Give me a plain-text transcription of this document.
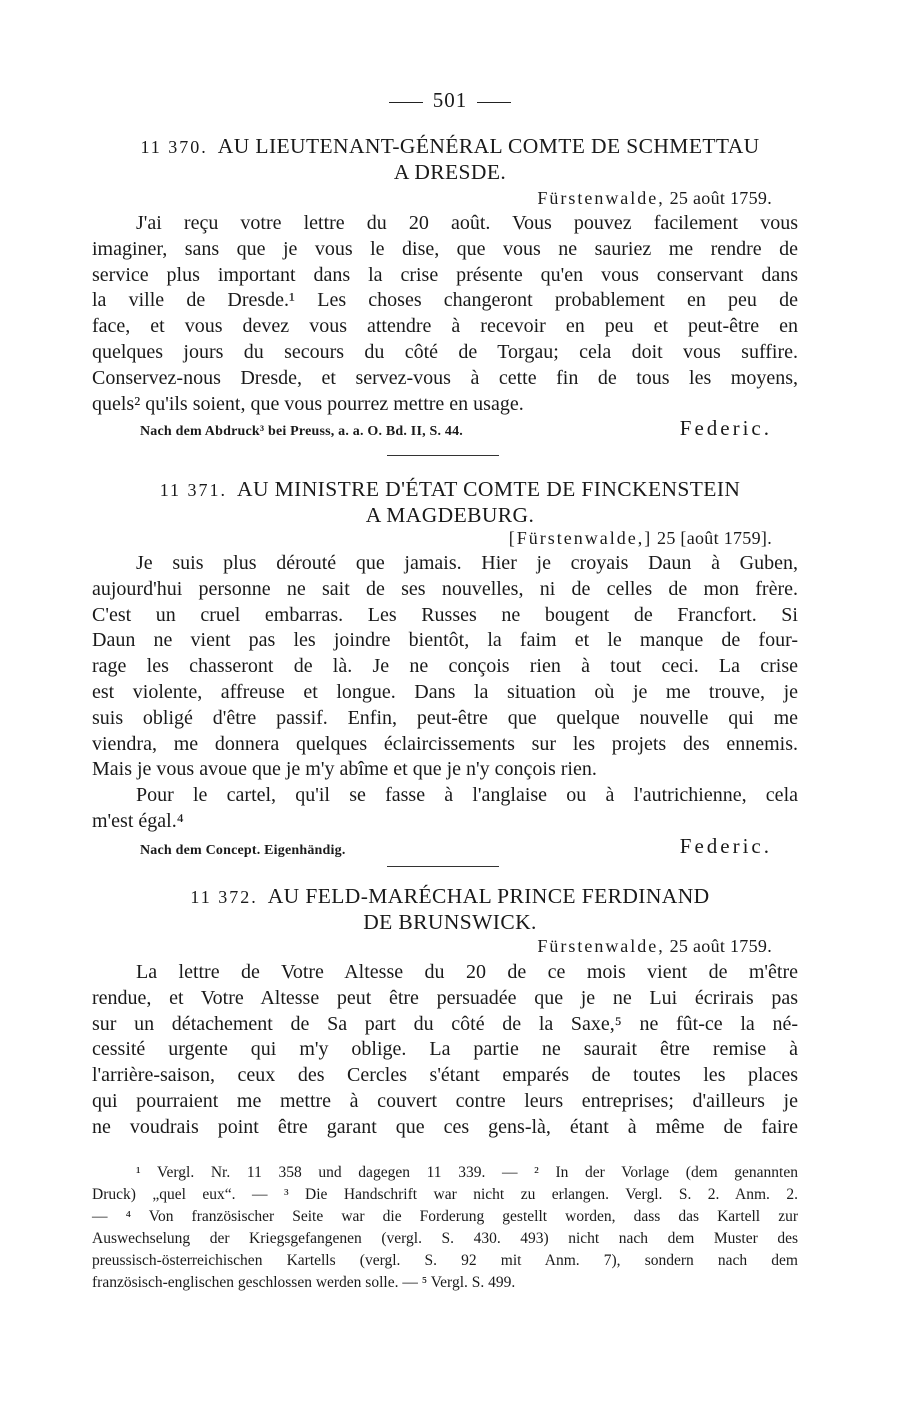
501
11 370. AU LIEUTENANT-GÉNÉRAL COMTE DE SCHMETTAU
A DRESDE.
Fürstenwalde, 25 août 1759.
J'ai reçu votre lettre du 20 août. Vous pouvez facilement vous
imaginer, sans que je vous le dise, que vous ne sauriez me rendre de
service plus important dans la crise présente qu'en vous conservant dans
la ville de Dresde.¹ Les choses changeront probablement en peu de
face, et vous devez vous attendre à recevoir en peu et peut-être en
quelques jours du secours du côté de Torgau; cela doit vous suffire.
Conservez-nous Dresde, et servez-vous à cette fin de tous les moyens,
quels² qu'ils soient, que vous pourrez mettre en usage.
Nach dem Abdruck³ bei Preuss, a. a. O. Bd. II, S. 44.	Federic.
11 371. AU MINISTRE D'ÉTAT COMTE DE FINCKENSTEIN
A MAGDEBURG.
[Fürstenwalde,] 25 [août 1759].
Je suis plus dérouté que jamais. Hier je croyais Daun à Guben,
aujourd'hui personne ne sait de ses nouvelles, ni de celles de mon frère.
C'est un cruel embarras. Les Russes ne bougent de Francfort. Si
Daun ne vient pas les joindre bientôt, la faim et le manque de four-
rage les chasseront de là. Je ne conçois rien à tout ceci. La crise
est violente, affreuse et longue. Dans la situation où je me trouve, je
suis obligé d'être passif. Enfin, peut-être que quelque nouvelle qui me
viendra, me donnera quelques éclaircissements sur les projets des ennemis.
Mais je vous avoue que je m'y abîme et que je n'y conçois rien.
Pour le cartel, qu'il se fasse à l'anglaise ou à l'autrichienne, cela
m'est égal.⁴
Nach dem Concept. Eigenhändig.	Federic.
11 372. AU FELD-MARÉCHAL PRINCE FERDINAND
DE BRUNSWICK.
Fürstenwalde, 25 août 1759.
La lettre de Votre Altesse du 20 de ce mois vient de m'être
rendue, et Votre Altesse peut être persuadée que je ne Lui écrirais pas
sur un détachement de Sa part du côté de la Saxe,⁵ ne fût-ce la né-
cessité urgente qui m'y oblige. La partie ne saurait être remise à
l'arrière-saison, ceux des Cercles s'étant emparés de toutes les places
qui pourraient me mettre à couvert contre leurs entreprises; d'ailleurs je
ne voudrais point être garant que ces gens-là, étant à même de faire
¹ Vergl. Nr. 11 358 und dagegen 11 339. — ² In der Vorlage (dem genannten
Druck) „quel eux“. — ³ Die Handschrift war nicht zu erlangen. Vergl. S. 2. Anm. 2.
— ⁴ Von französischer Seite war die Forderung gestellt worden, dass das Kartell zur
Auswechselung der Kriegsgefangenen (vergl. S. 430. 493) nicht nach dem Muster des
preussisch-österreichischen Kartells (vergl. S. 92 mit Anm. 7), sondern nach dem
französisch-englischen geschlossen werden solle. — ⁵ Vergl. S. 499.
